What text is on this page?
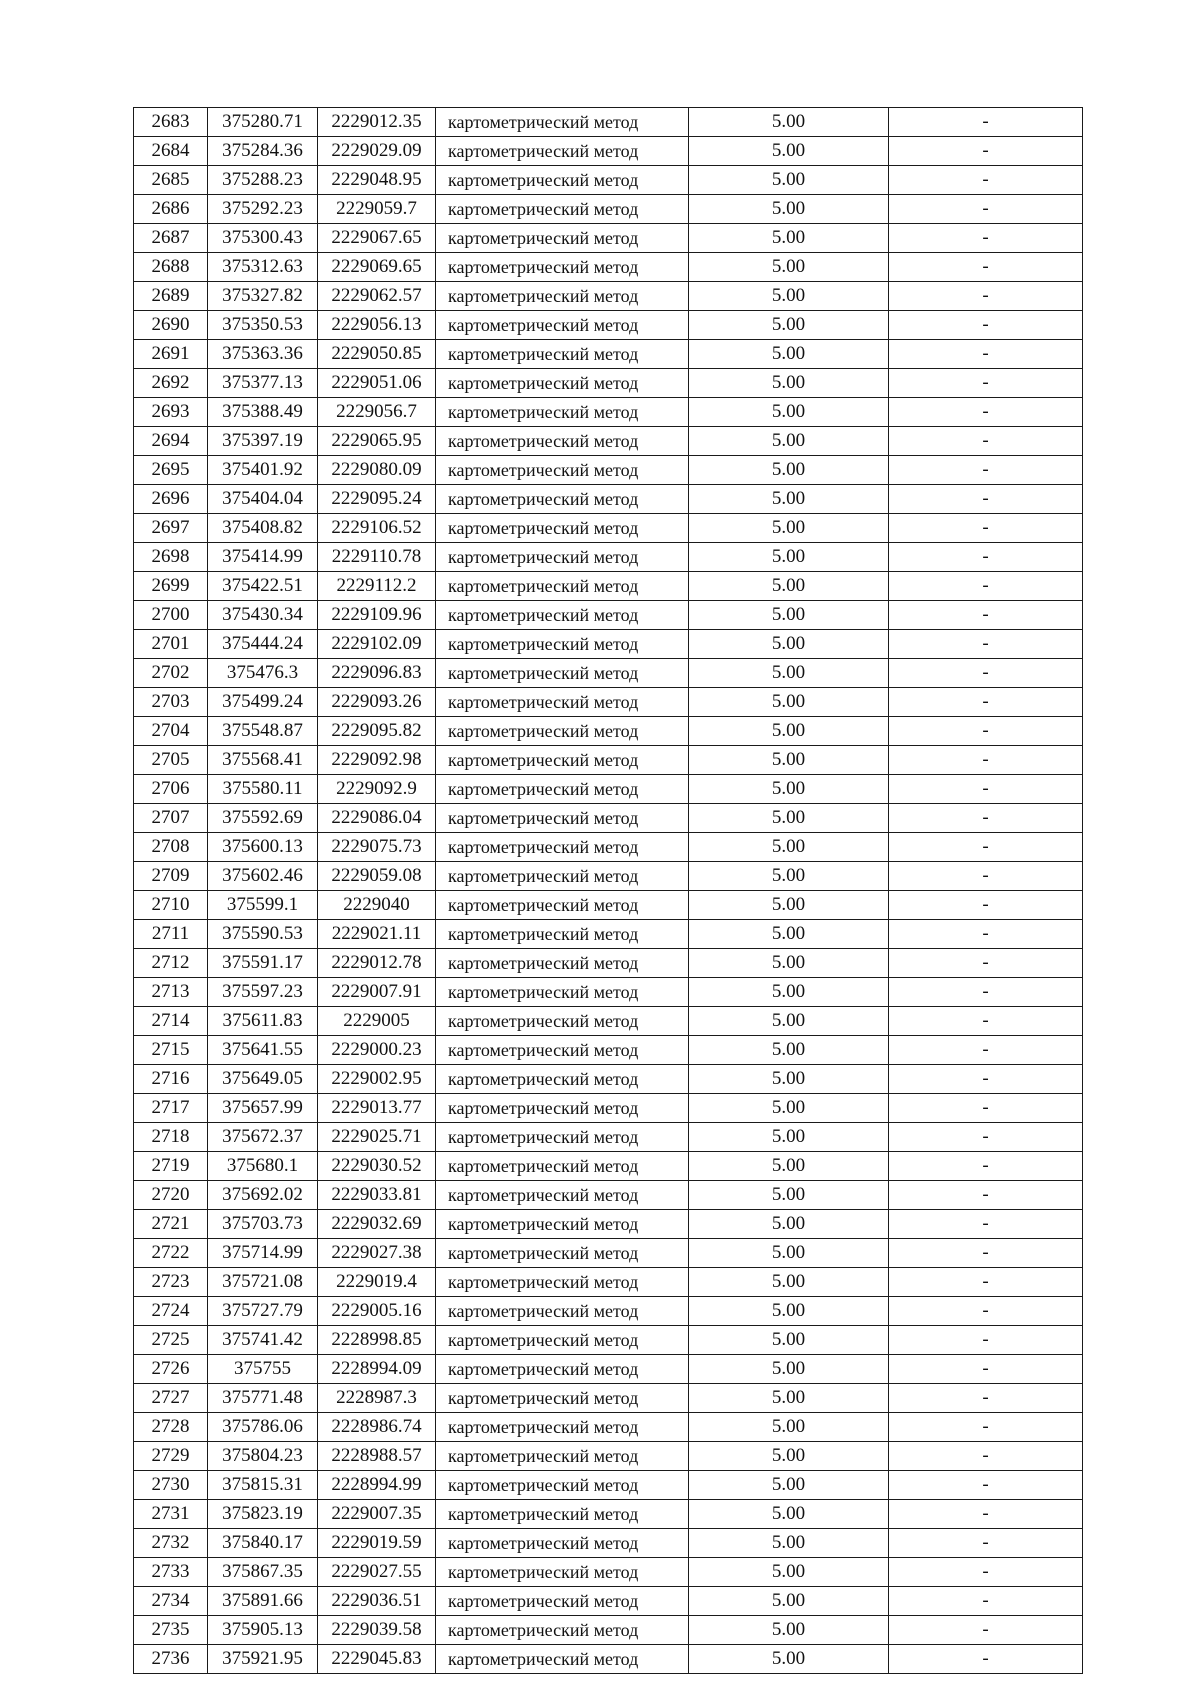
2683	375280.71	2229012.35	картометрический метод	5.00	-
2684	375284.36	2229029.09	картометрический метод	5.00	-
2685	375288.23	2229048.95	картометрический метод	5.00	-
2686	375292.23	2229059.7	картометрический метод	5.00	-
2687	375300.43	2229067.65	картометрический метод	5.00	-
2688	375312.63	2229069.65	картометрический метод	5.00	-
2689	375327.82	2229062.57	картометрический метод	5.00	-
2690	375350.53	2229056.13	картометрический метод	5.00	-
2691	375363.36	2229050.85	картометрический метод	5.00	-
2692	375377.13	2229051.06	картометрический метод	5.00	-
2693	375388.49	2229056.7	картометрический метод	5.00	-
2694	375397.19	2229065.95	картометрический метод	5.00	-
2695	375401.92	2229080.09	картометрический метод	5.00	-
2696	375404.04	2229095.24	картометрический метод	5.00	-
2697	375408.82	2229106.52	картометрический метод	5.00	-
2698	375414.99	2229110.78	картометрический метод	5.00	-
2699	375422.51	2229112.2	картометрический метод	5.00	-
2700	375430.34	2229109.96	картометрический метод	5.00	-
2701	375444.24	2229102.09	картометрический метод	5.00	-
2702	375476.3	2229096.83	картометрический метод	5.00	-
2703	375499.24	2229093.26	картометрический метод	5.00	-
2704	375548.87	2229095.82	картометрический метод	5.00	-
2705	375568.41	2229092.98	картометрический метод	5.00	-
2706	375580.11	2229092.9	картометрический метод	5.00	-
2707	375592.69	2229086.04	картометрический метод	5.00	-
2708	375600.13	2229075.73	картометрический метод	5.00	-
2709	375602.46	2229059.08	картометрический метод	5.00	-
2710	375599.1	2229040	картометрический метод	5.00	-
2711	375590.53	2229021.11	картометрический метод	5.00	-
2712	375591.17	2229012.78	картометрический метод	5.00	-
2713	375597.23	2229007.91	картометрический метод	5.00	-
2714	375611.83	2229005	картометрический метод	5.00	-
2715	375641.55	2229000.23	картометрический метод	5.00	-
2716	375649.05	2229002.95	картометрический метод	5.00	-
2717	375657.99	2229013.77	картометрический метод	5.00	-
2718	375672.37	2229025.71	картометрический метод	5.00	-
2719	375680.1	2229030.52	картометрический метод	5.00	-
2720	375692.02	2229033.81	картометрический метод	5.00	-
2721	375703.73	2229032.69	картометрический метод	5.00	-
2722	375714.99	2229027.38	картометрический метод	5.00	-
2723	375721.08	2229019.4	картометрический метод	5.00	-
2724	375727.79	2229005.16	картометрический метод	5.00	-
2725	375741.42	2228998.85	картометрический метод	5.00	-
2726	375755	2228994.09	картометрический метод	5.00	-
2727	375771.48	2228987.3	картометрический метод	5.00	-
2728	375786.06	2228986.74	картометрический метод	5.00	-
2729	375804.23	2228988.57	картометрический метод	5.00	-
2730	375815.31	2228994.99	картометрический метод	5.00	-
2731	375823.19	2229007.35	картометрический метод	5.00	-
2732	375840.17	2229019.59	картометрический метод	5.00	-
2733	375867.35	2229027.55	картометрический метод	5.00	-
2734	375891.66	2229036.51	картометрический метод	5.00	-
2735	375905.13	2229039.58	картометрический метод	5.00	-
2736	375921.95	2229045.83	картометрический метод	5.00	-
